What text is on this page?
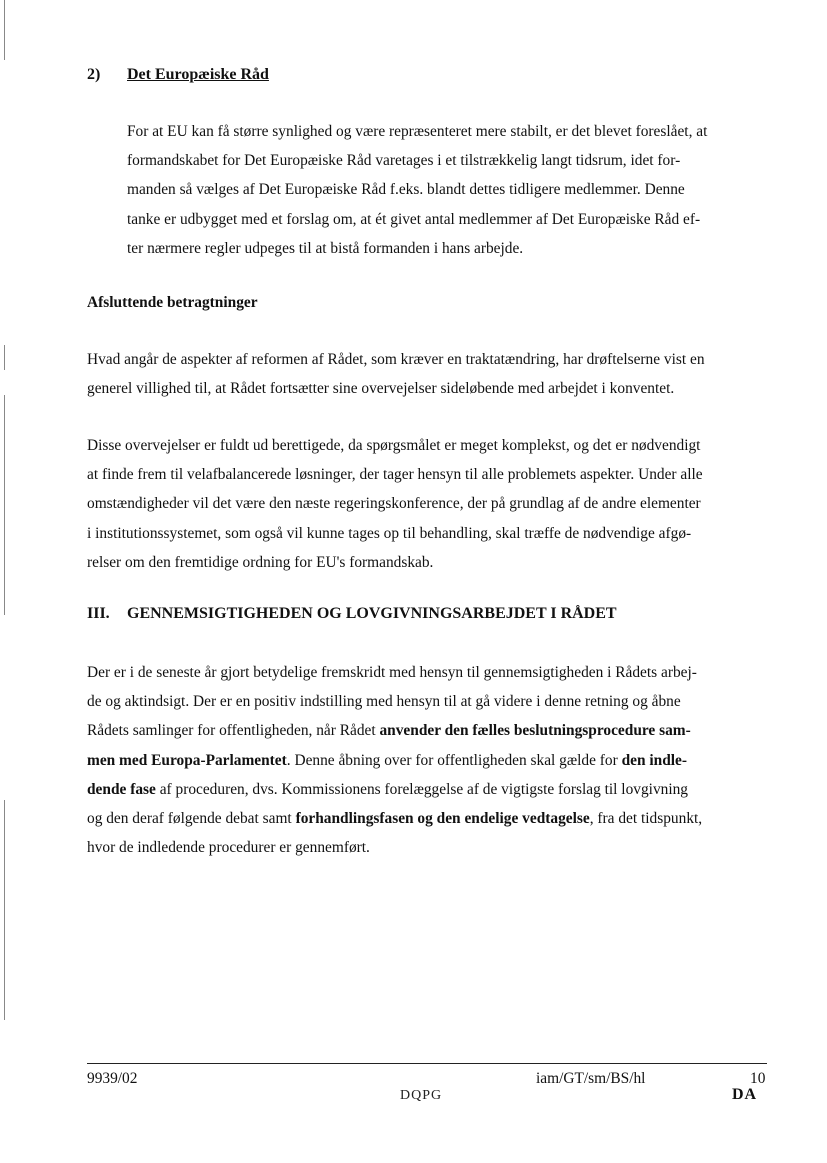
2) Det Europæiske Råd
For at EU kan få større synlighed og være repræsenteret mere stabilt, er det blevet foreslået, at
formandskabet for Det Europæiske Råd varetages i et tilstrækkelig langt tidsrum, idet for-
manden så vælges af Det Europæiske Råd f.eks. blandt dettes tidligere medlemmer. Denne
tanke er udbygget med et forslag om, at ét givet antal medlemmer af Det Europæiske Råd ef-
ter nærmere regler udpeges til at bistå formanden i hans arbejde.
Afsluttende betragtninger
Hvad angår de aspekter af reformen af Rådet, som kræver en traktatændring, har drøftelserne vist en
generel villighed til, at Rådet fortsætter sine overvejelser sideløbende med arbejdet i konventet.
Disse overvejelser er fuldt ud berettigede, da spørgsmålet er meget komplekst, og det er nødvendigt
at finde frem til velafbalancerede løsninger, der tager hensyn til alle problemets aspekter. Under alle
omstændigheder vil det være den næste regeringskonference, der på grundlag af de andre elementer
i institutionssystemet, som også vil kunne tages op til behandling, skal træffe de nødvendige afgø-
relser om den fremtidige ordning for EU's formandskab.
III. GENNEMSIGTIGHEDEN OG LOVGIVNINGSARBEJDET I RÅDET
Der er i de seneste år gjort betydelige fremskridt med hensyn til gennemsigtigheden i Rådets arbej-
de og aktindsigt. Der er en positiv indstilling med hensyn til at gå videre i denne retning og åbne
Rådets samlinger for offentligheden, når Rådet anvender den fælles beslutningsprocedure sam-
men med Europa-Parlamentet. Denne åbning over for offentligheden skal gælde for den indle-
dende fase af proceduren, dvs. Kommissionens forelæggelse af de vigtigste forslag til lovgivning
og den deraf følgende debat samt forhandlingsfasen og den endelige vedtagelse, fra det tidspunkt,
hvor de indledende procedurer er gennemført.
9939/02	iam/GT/sm/BS/hl	10
DQPG	DA
